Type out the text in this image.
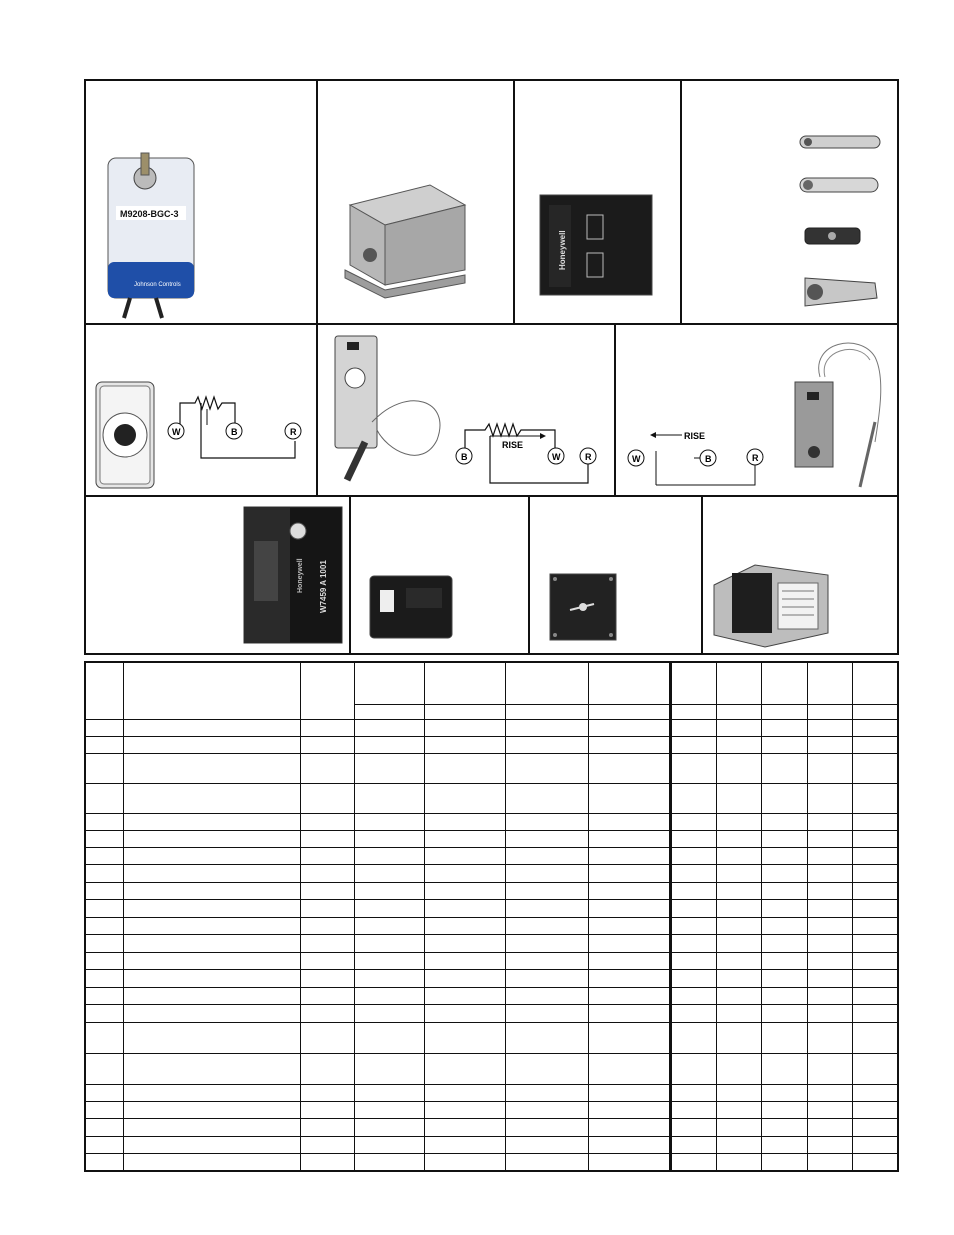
M9208-BGC-3
Johnson Controls
Honeywell
W	B	R
RISE
B	W	R
RISE
W	B	R
W7459 A 1001
Honeywell
